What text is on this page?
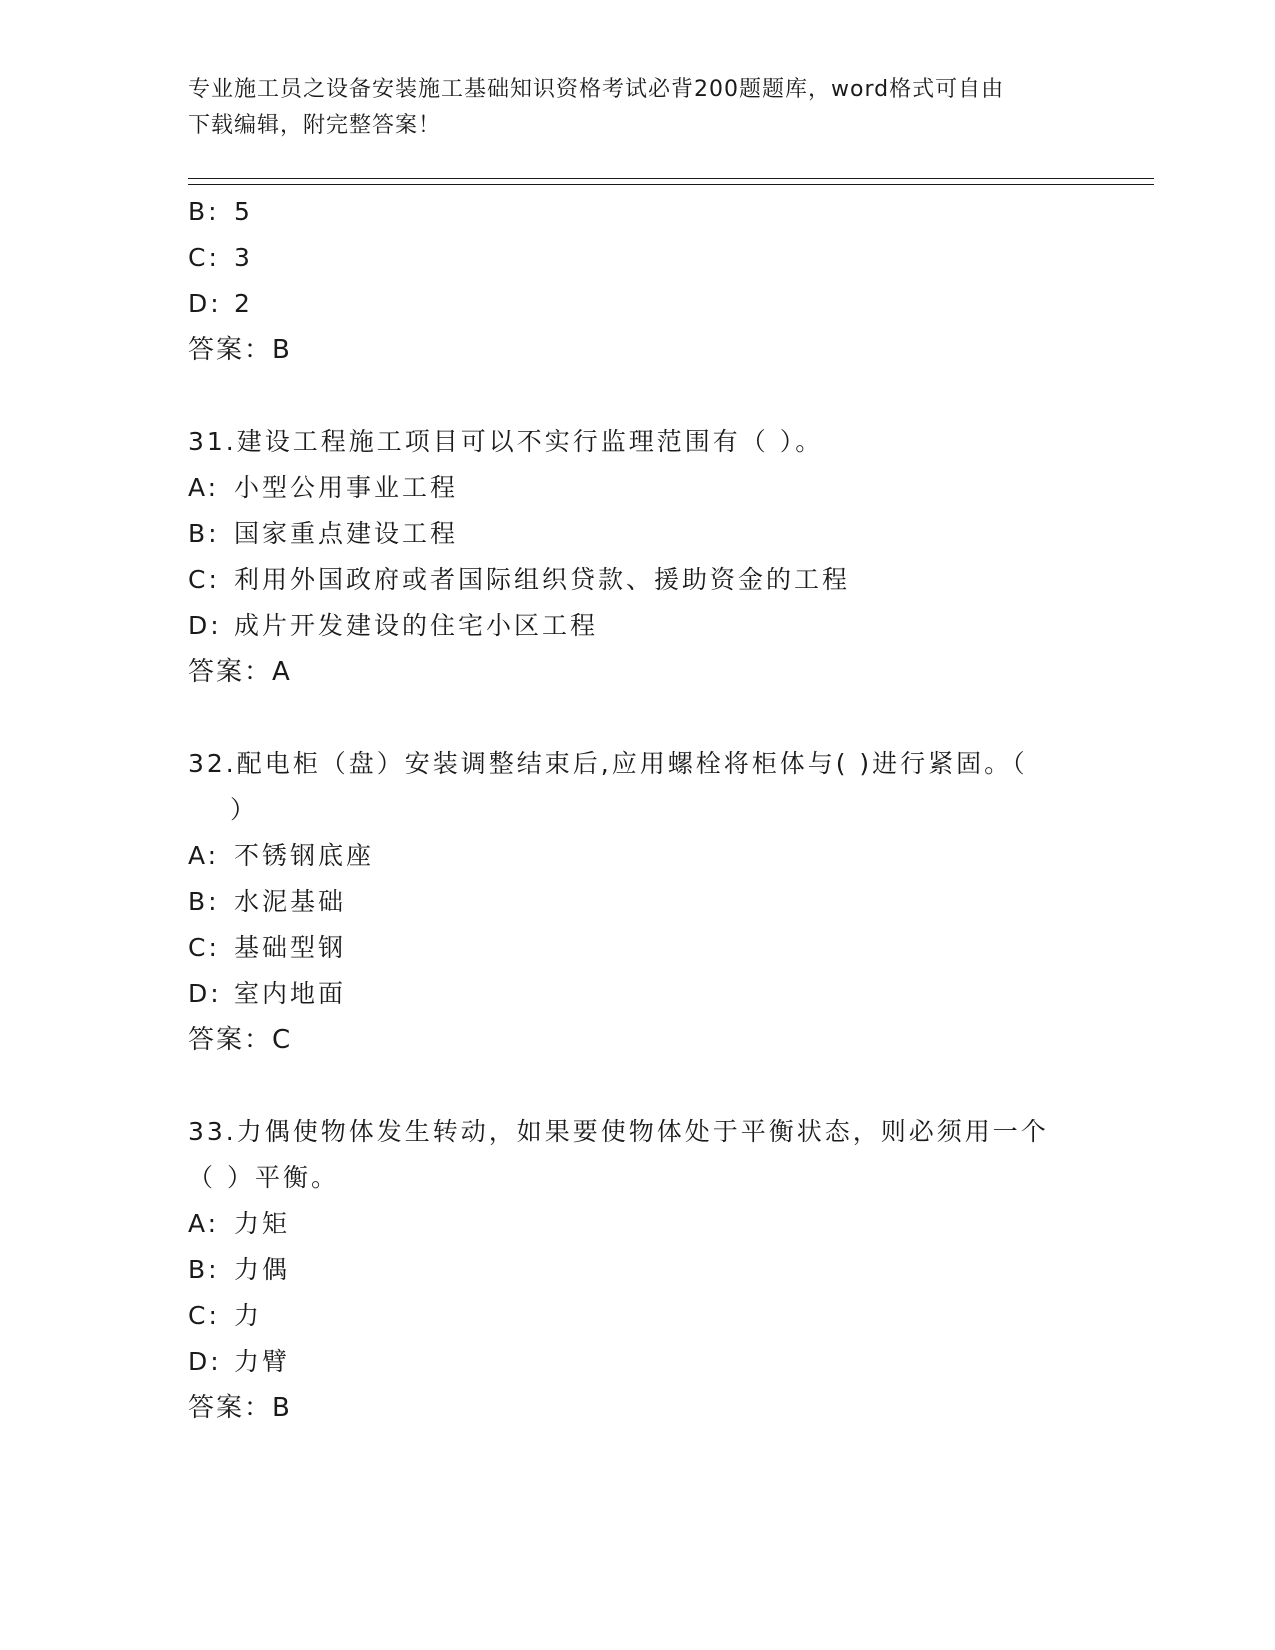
专业施工员之设备安装施工基础知识资格考试必背200题题库，word格式可自由
下载编辑，附完整答案！
B: 5
C: 3
D: 2
答案：B
31.建设工程施工项目可以不实行监理范围有（ ）。
A: 小型公用事业工程
B: 国家重点建设工程
C: 利用外国政府或者国际组织贷款、援助资金的工程
D: 成片开发建设的住宅小区工程
答案：A
32.配电柜（盘）安装调整结束后,应用螺栓将柜体与( )进行紧固。（
）
A: 不锈钢底座
B: 水泥基础
C: 基础型钢
D: 室内地面
答案：C
33.力偶使物体发生转动，如果要使物体处于平衡状态，则必须用一个
（ ）平衡。
A: 力矩
B: 力偶
C: 力
D: 力臂
答案：B
